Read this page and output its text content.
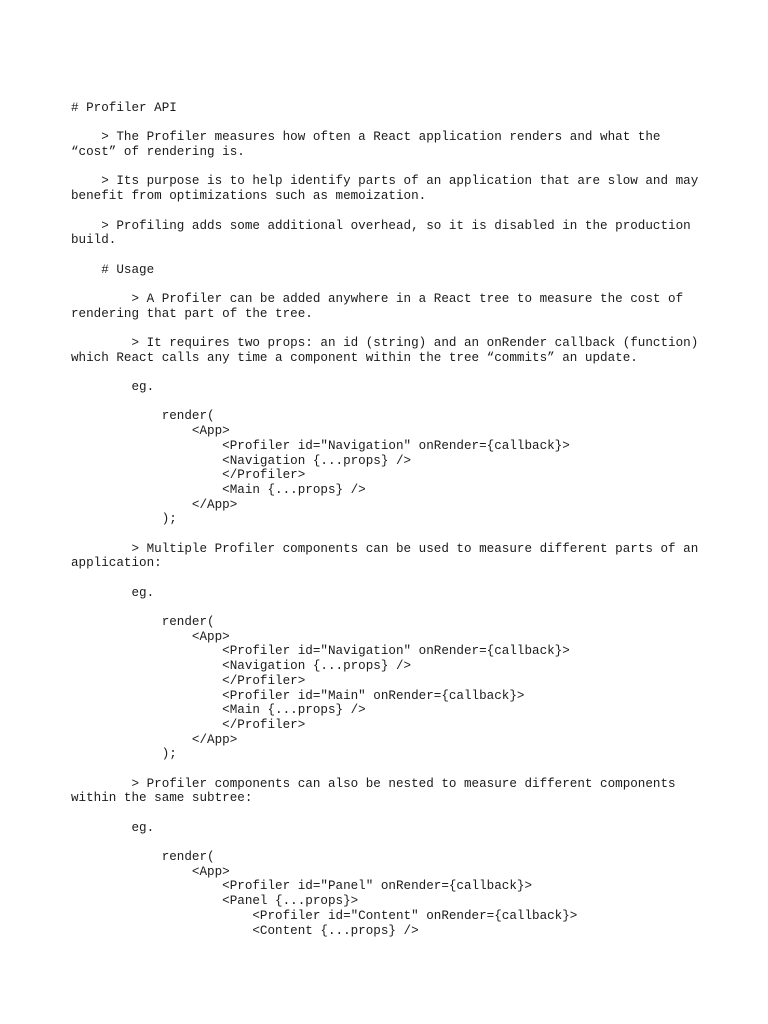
# Profiler API
> The Profiler measures how often a React application renders and what the
“cost” of rendering is.
> Its purpose is to help identify parts of an application that are slow and may
benefit from optimizations such as memoization.
> Profiling adds some additional overhead, so it is disabled in the production
build.
# Usage
> A Profiler can be added anywhere in a React tree to measure the cost of
rendering that part of the tree.
> It requires two props: an id (string) and an onRender callback (function)
which React calls any time a component within the tree “commits” an update.
eg.
render(
<App>
<Profiler id="Navigation" onRender={callback}>
<Navigation {...props} />
</Profiler>
<Main {...props} />
</App>
);
> Multiple Profiler components can be used to measure different parts of an
application:
eg.
render(
<App>
<Profiler id="Navigation" onRender={callback}>
<Navigation {...props} />
</Profiler>
<Profiler id="Main" onRender={callback}>
<Main {...props} />
</Profiler>
</App>
);
> Profiler components can also be nested to measure different components
within the same subtree:
eg.
render(
<App>
<Profiler id="Panel" onRender={callback}>
<Panel {...props}>
<Profiler id="Content" onRender={callback}>
<Content {...props} />
